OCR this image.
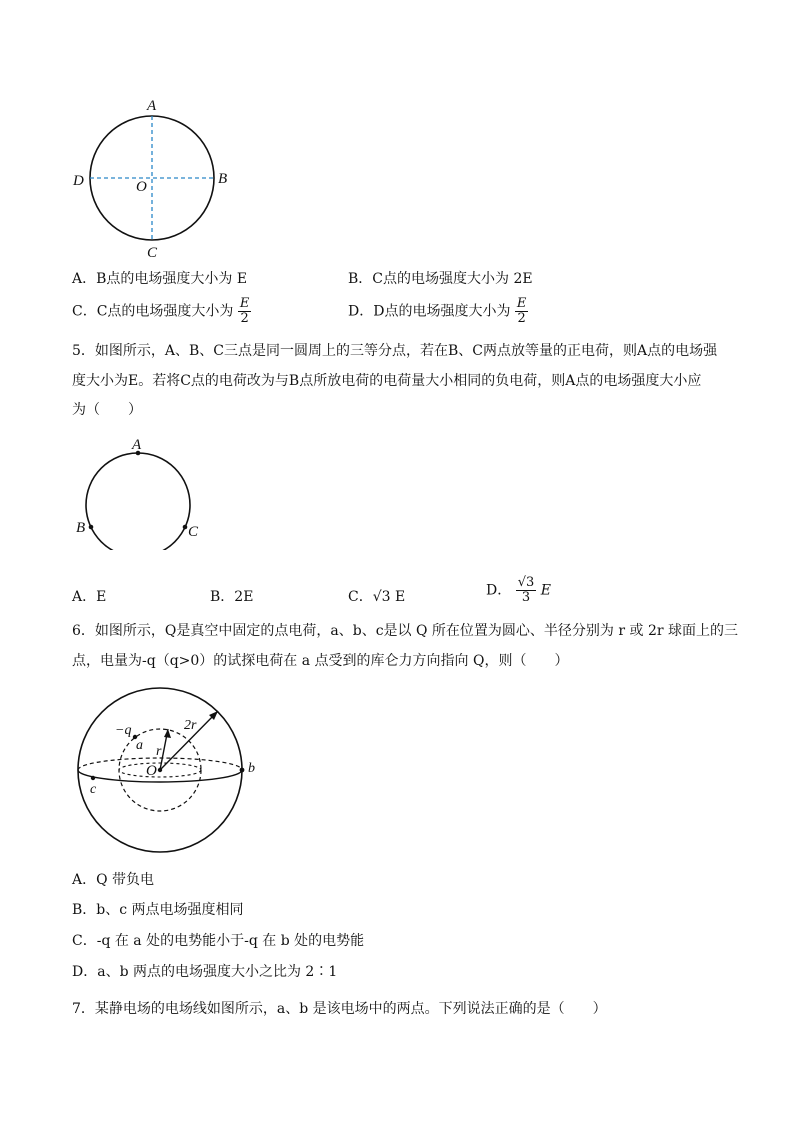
A
B
C
D	O
A．B点的电场强度大小为 E	B．C点的电场强度大小为 2E
C．C点的电场强度大小为 $\frac{E}{2}$	D．D点的电场强度大小为 $\frac{E}{2}$
5．如图所示，A、B、C三点是同一圆周上的三等分点，若在B、C两点放等量的正电荷，则A点的电场强
度大小为E。若将C点的电荷改为与B点所放电荷的电荷量大小相同的负电荷，则A点的电场强度大小应
为（　　）
A
B	C
A．E	B．2E	C．√3 E	D． $\frac{√3}{3}$ E
6．如图所示，Q是真空中固定的点电荷，a、b、c是以 Q 所在位置为圆心、半径分别为 r 或 2r 球面上的三
点，电量为-q（q>0）的试探电荷在 a 点受到的库仑力方向指向 Q，则（　　）
−q
a r
2r
O	b
c
A．Q 带负电
B．b、c 两点电场强度相同
C．-q 在 a 处的电势能小于-q 在 b 处的电势能
D．a、b 两点的电场强度大小之比为 2∶1
7．某静电场的电场线如图所示，a、b 是该电场中的两点。下列说法正确的是（　　）
